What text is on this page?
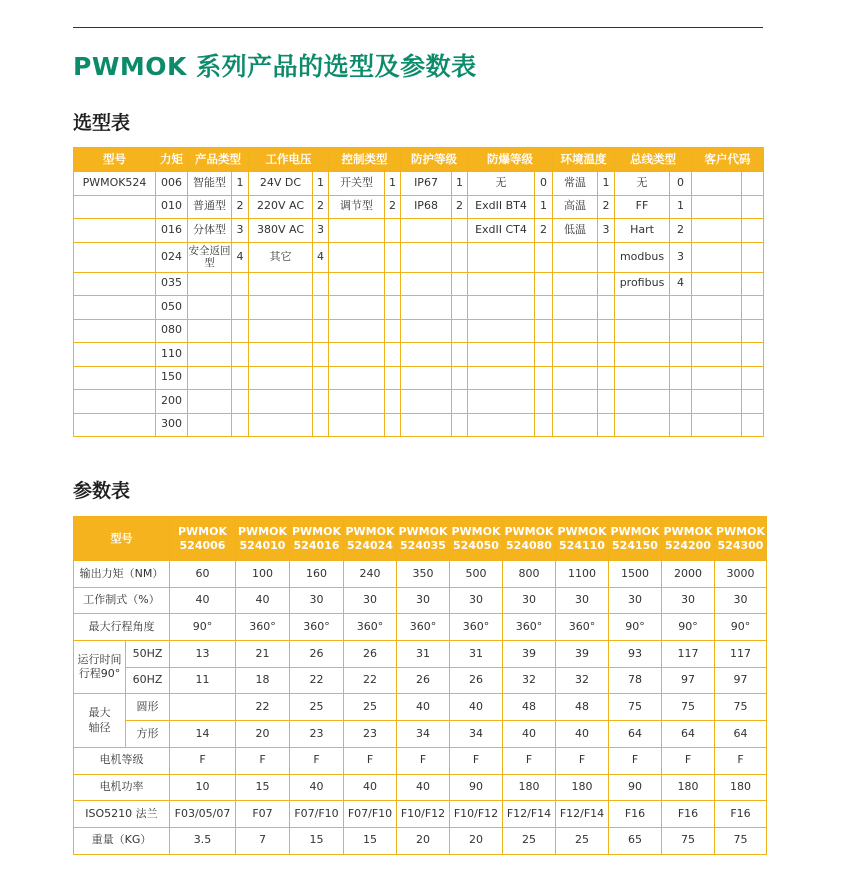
PWMOK 系列产品的选型及参数表
选型表
型号	力矩	产品类型		工作电压		控制类型		防护等级		防爆等级		环境温度		总线类型		客户代码	
PWMOK524	006	智能型	1	24V DC	1	开关型	1	IP67	1	无	0	常温	1	无	0		
	010	普通型	2	220V AC	2	调节型	2	IP68	2	ExdII BT4	1	高温	2	FF	1		
	016	分体型	3	380V AC	3					ExdII CT4	2	低温	3	Hart	2		
	024	安全返回型	4	其它	4									modbus	3		
	035													profibus	4		
	050																
	080																
	110																
	150																
	200																
	300																
参数表
型号		PWMOK 524006	PWMOK 524010	PWMOK 524016	PWMOK 524024	PWMOK 524035	PWMOK 524050	PWMOK 524080	PWMOK 524110	PWMOK 524150	PWMOK 524200	PWMOK 524300
输出力矩（NM）		60	100	160	240	350	500	800	1100	1500	2000	3000
工作制式（%）		40	40	30	30	30	30	30	30	30	30	30
最大行程角度		90°	360°	360°	360°	360°	360°	360°	360°	90°	90°	90°
运行时间行程90°	50HZ	13	21	26	26	31	31	39	39	93	117	117
	60HZ	11	18	22	22	26	26	32	32	78	97	97
最大轴径	圆形		22	25	25	40	40	48	48	75	75	75
	方形	14	20	23	23	34	34	40	40	64	64	64
电机等级		F	F	F	F	F	F	F	F	F	F	F
电机功率		10	15	40	40	40	90	180	180	90	180	180
ISO5210 法兰		F03/05/07	F07	F07/F10	F07/F10	F10/F12	F10/F12	F12/F14	F12/F14	F16	F16	F16
重量（KG）		3.5	7	15	15	20	20	25	25	65	75	75
